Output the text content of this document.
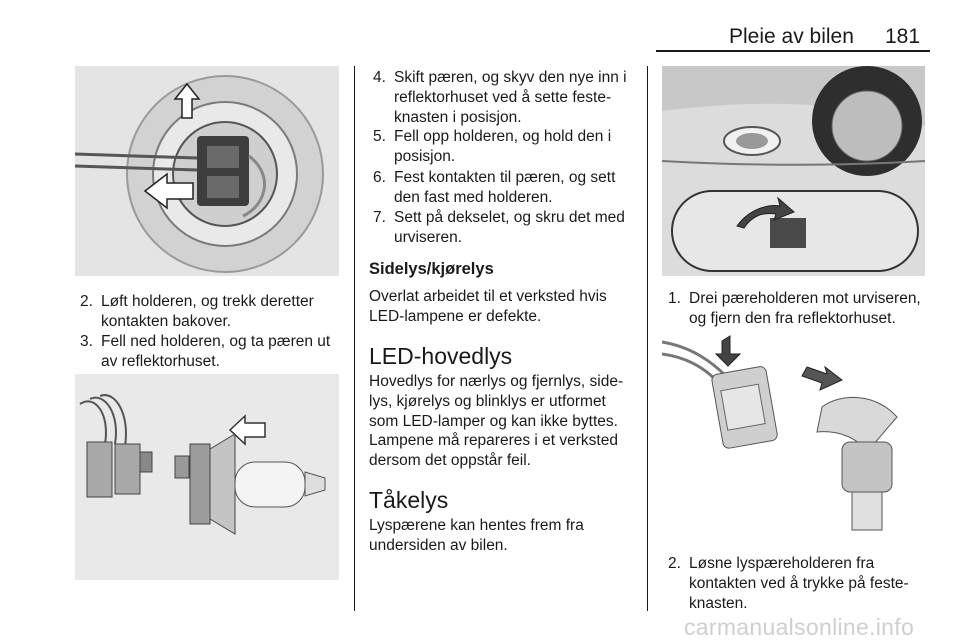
Pleie av bilen 181
2. Løft holderen, og trekk deretter
kontakten bakover.
3. Fell ned holderen, og ta pæren ut
av reflektorhuset.
4. Skift pæren, og skyv den nye inn i
reflektorhuset ved å sette feste-
knasten i posisjon.
5. Fell opp holderen, og hold den i
posisjon.
6. Fest kontakten til pæren, og sett
den fast med holderen.
7. Sett på dekselet, og skru det med
urviseren.
Sidelys/kjørelys
Overlat arbeidet til et verksted hvis
LED-lampene er defekte.
LED-hovedlys
Hovedlys for nærlys og fjernlys, side-
lys, kjørelys og blinklys er utformet
som LED-lamper og kan ikke byttes.
Lampene må repareres i et verksted
dersom det oppstår feil.
Tåkelys
Lyspærene kan hentes frem fra
undersiden av bilen.
1. Drei pæreholderen mot urviseren,
og fjern den fra reflektorhuset.
2. Løsne lyspæreholderen fra
kontakten ved å trykke på feste-
knasten.
carmanualsonline.info
